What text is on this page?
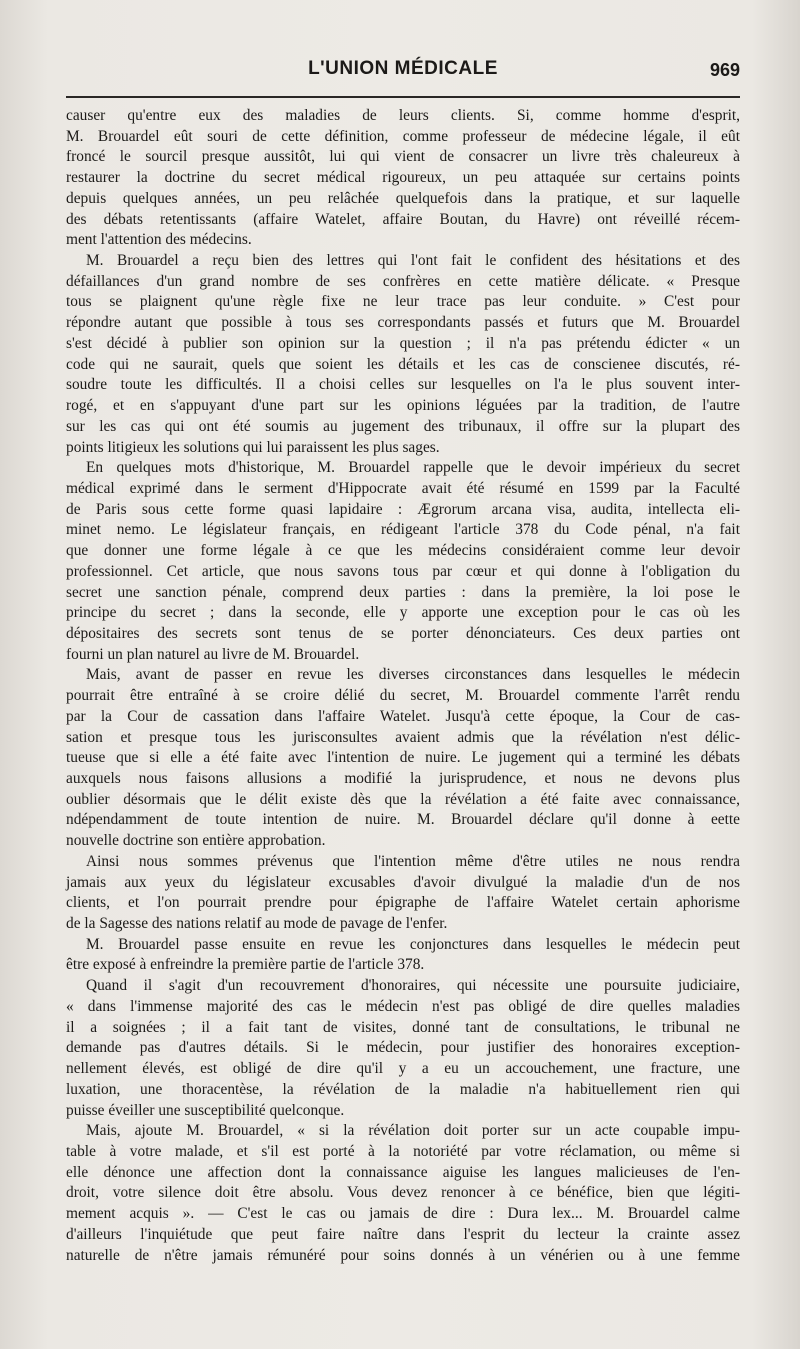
L'UNION MÉDICALE	969
causer qu'entre eux des maladies de leurs clients. Si, comme homme d'esprit,
M. Brouardel eût souri de cette définition, comme professeur de médecine légale, il eût
froncé le sourcil presque aussitôt, lui qui vient de consacrer un livre très chaleureux à
restaurer la doctrine du secret médical rigoureux, un peu attaquée sur certains points
depuis quelques années, un peu relâchée quelquefois dans la pratique, et sur laquelle
des débats retentissants (affaire Watelet, affaire Boutan, du Havre) ont réveillé récem-
ment l'attention des médecins.
M. Brouardel a reçu bien des lettres qui l'ont fait le confident des hésitations et des
défaillances d'un grand nombre de ses confrères en cette matière délicate. « Presque
tous se plaignent qu'une règle fixe ne leur trace pas leur conduite. » C'est pour
répondre autant que possible à tous ses correspondants passés et futurs que M. Brouardel
s'est décidé à publier son opinion sur la question ; il n'a pas prétendu édicter « un
code qui ne saurait, quels que soient les détails et les cas de conscienee discutés, ré-
soudre toute les difficultés. Il a choisi celles sur lesquelles on l'a le plus souvent inter-
rogé, et en s'appuyant d'une part sur les opinions léguées par la tradition, de l'autre
sur les cas qui ont été soumis au jugement des tribunaux, il offre sur la plupart des
points litigieux les solutions qui lui paraissent les plus sages.
En quelques mots d'historique, M. Brouardel rappelle que le devoir impérieux du secret
médical exprimé dans le serment d'Hippocrate avait été résumé en 1599 par la Faculté
de Paris sous cette forme quasi lapidaire : Ægrorum arcana visa, audita, intellecta eli-
minet nemo. Le législateur français, en rédigeant l'article 378 du Code pénal, n'a fait
que donner une forme légale à ce que les médecins considéraient comme leur devoir
professionnel. Cet article, que nous savons tous par cœur et qui donne à l'obligation du
secret une sanction pénale, comprend deux parties : dans la première, la loi pose le
principe du secret ; dans la seconde, elle y apporte une exception pour le cas où les
dépositaires des secrets sont tenus de se porter dénonciateurs. Ces deux parties ont
fourni un plan naturel au livre de M. Brouardel.
Mais, avant de passer en revue les diverses circonstances dans lesquelles le médecin
pourrait être entraîné à se croire délié du secret, M. Brouardel commente l'arrêt rendu
par la Cour de cassation dans l'affaire Watelet. Jusqu'à cette époque, la Cour de cas-
sation et presque tous les jurisconsultes avaient admis que la révélation n'est délic-
tueuse que si elle a été faite avec l'intention de nuire. Le jugement qui a terminé les débats
auxquels nous faisons allusions a modifié la jurisprudence, et nous ne devons plus
oublier désormais que le délit existe dès que la révélation a été faite avec connaissance,
ndépendamment de toute intention de nuire. M. Brouardel déclare qu'il donne à eette
nouvelle doctrine son entière approbation.
Ainsi nous sommes prévenus que l'intention même d'être utiles ne nous rendra
jamais aux yeux du législateur excusables d'avoir divulgué la maladie d'un de nos
clients, et l'on pourrait prendre pour épigraphe de l'affaire Watelet certain aphorisme
de la Sagesse des nations relatif au mode de pavage de l'enfer.
M. Brouardel passe ensuite en revue les conjonctures dans lesquelles le médecin peut
être exposé à enfreindre la première partie de l'article 378.
Quand il s'agit d'un recouvrement d'honoraires, qui nécessite une poursuite judiciaire,
« dans l'immense majorité des cas le médecin n'est pas obligé de dire quelles maladies
il a soignées ; il a fait tant de visites, donné tant de consultations, le tribunal ne
demande pas d'autres détails. Si le médecin, pour justifier des honoraires exception-
nellement élevés, est obligé de dire qu'il y a eu un accouchement, une fracture, une
luxation, une thoracentèse, la révélation de la maladie n'a habituellement rien qui
puisse éveiller une susceptibilité quelconque.
Mais, ajoute M. Brouardel, « si la révélation doit porter sur un acte coupable impu-
table à votre malade, et s'il est porté à la notoriété par votre réclamation, ou même si
elle dénonce une affection dont la connaissance aiguise les langues malicieuses de l'en-
droit, votre silence doit être absolu. Vous devez renoncer à ce bénéfice, bien que légiti-
mement acquis ». — C'est le cas ou jamais de dire : Dura lex... M. Brouardel calme
d'ailleurs l'inquiétude que peut faire naître dans l'esprit du lecteur la crainte assez
naturelle de n'être jamais rémunéré pour soins donnés à un vénérien ou à une femme
